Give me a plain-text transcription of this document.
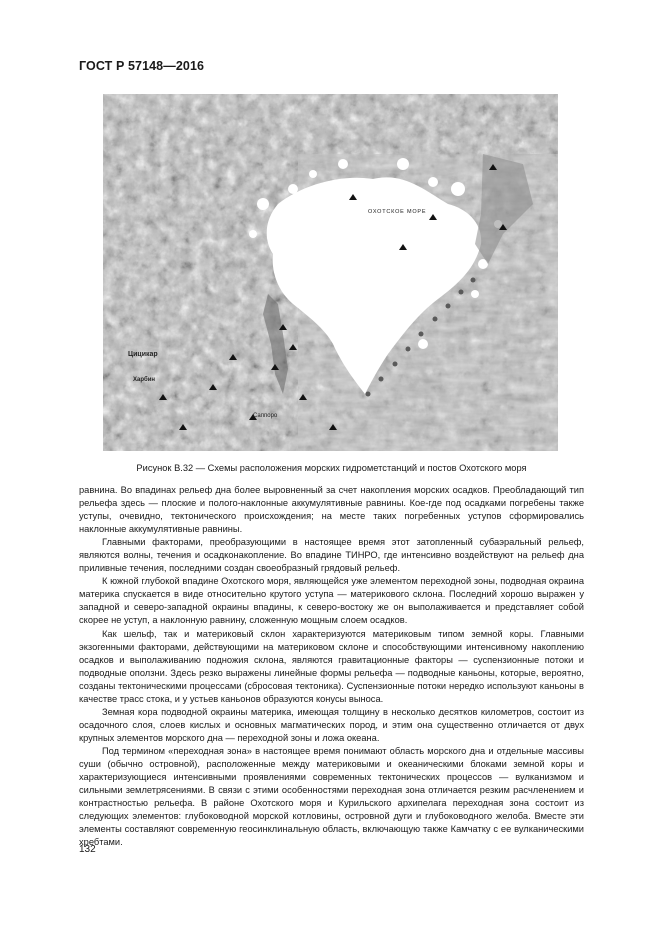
ГОСТ Р 57148—2016
ОХОТСКОЕ МОРЕ
Цицикар
Харбин
Саппоро
Рисунок В.32 — Схемы расположения морских гидрометстанций и постов Охотского моря

равнина. Во впадинах рельеф дна более выровненный за счет накопления морских осадков. Преобладающий тип рельефа здесь — плоские и полого-наклонные аккумулятивные равнины. Кое-где под осадками погребены также уступы, очевидно, тектонического происхождения; на месте таких погребенных уступов сформировались наклонные аккумулятивные равнины.

Главными факторами, преобразующими в настоящее время этот затопленный субаэральный рельеф, являются волны, течения и осадконакопление. Во впадине ТИНРО, где интенсивно воздействуют на рельеф дна приливные течения, последними создан своеобразный грядовый рельеф.

К южной глубокой впадине Охотского моря, являющейся уже элементом переходной зоны, подводная окраина материка спускается в виде относительно крутого уступа — материкового склона. Последний хорошо выражен у западной и северо-западной окраины впадины, к северо-востоку же он выполаживается и представляет собой скорее не уступ, а наклонную равнину, сложенную мощным слоем осадков.

Как шельф, так и материковый склон характеризуются материковым типом земной коры. Главными экзогенными факторами, действующими на материковом склоне и способствующими интенсивному накоплению осадков и выполаживанию подножия склона, являются гравитационные факторы — суспензионные потоки и подводные оползни. Здесь резко выражены линейные формы рельефа — подводные каньоны, которые, вероятно, созданы тектоническими процессами (сбросовая тектоника). Суспензионные потоки нередко используют каньоны в качестве трасс стока, и у устьев каньонов образуются конусы выноса.

Земная кора подводной окраины материка, имеющая толщину в несколько десятков километров, состоит из осадочного слоя, слоев кислых и основных магматических пород, и этим она существенно отличается от двух крупных элементов морского дна — переходной зоны и ложа океана.

Под термином «переходная зона» в настоящее время понимают область морского дна и отдельные массивы суши (обычно островной), расположенные между материковыми и океаническими блоками земной коры и характеризующиеся интенсивными проявлениями современных тектонических процессов — вулканизмом и сильными землетрясениями. В связи с этими особенностями переходная зона отличается резким расчленением и контрастностью рельефа. В районе Охотского моря и Курильского архипелага переходная зона состоит из следующих элементов: глубоководной морской котловины, островной дуги и глубоководного желоба. Вместе эти элементы составляют современную геосинклинальную область, включающую также Камчатку с ее вулканическими хребтами.

132
